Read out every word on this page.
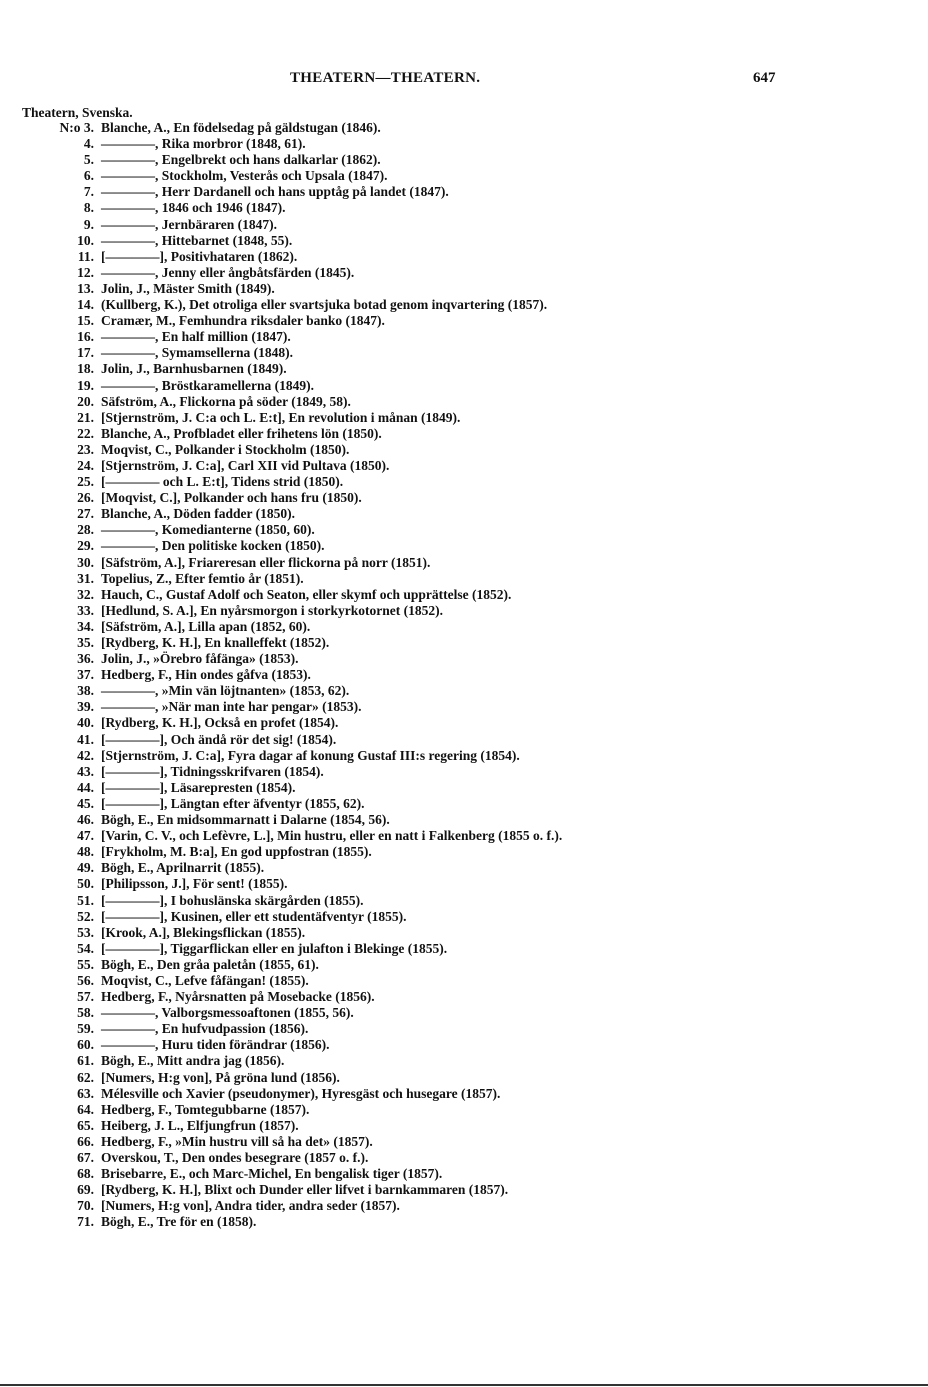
THEATERN—THEATERN.	647
Theatern, Svenska.
N:o 3. Blanche, A., En födelsedag på gäldstugan (1846).
4. ————, Rika morbror (1848, 61).
5. ————, Engelbrekt och hans dalkarlar (1862).
6. ————, Stockholm, Vesterås och Upsala (1847).
7. ————, Herr Dardanell och hans upptåg på landet (1847).
8. ————, 1846 och 1946 (1847).
9. ————, Jernbäraren (1847).
10. ————, Hittebarnet (1848, 55).
11. [————], Positivhataren (1862).
12. ————, Jenny eller ångbåtsfärden (1845).
13. Jolin, J., Mäster Smith (1849).
14. (Kullberg, K.), Det otroliga eller svartsjuka botad genom inqvartering (1857).
15. Cramær, M., Femhundra riksdaler banko (1847).
16. ————, En half million (1847).
17. ————, Symamsellerna (1848).
18. Jolin, J., Barnhusbarnen (1849).
19. ————, Bröstkaramellerna (1849).
20. Säfström, A., Flickorna på söder (1849, 58).
21. [Stjernström, J. C:a och L. E:t], En revolution i månan (1849).
22. Blanche, A., Profbladet eller frihetens lön (1850).
23. Moqvist, C., Polkander i Stockholm (1850).
24. [Stjernström, J. C:a], Carl XII vid Pultava (1850).
25. [———— och L. E:t], Tidens strid (1850).
26. [Moqvist, C.], Polkander och hans fru (1850).
27. Blanche, A., Döden fadder (1850).
28. ————, Komedianterne (1850, 60).
29. ————, Den politiske kocken (1850).
30. [Säfström, A.], Friareresan eller flickorna på norr (1851).
31. Topelius, Z., Efter femtio år (1851).
32. Hauch, C., Gustaf Adolf och Seaton, eller skymf och upprättelse (1852).
33. [Hedlund, S. A.], En nyårsmorgon i storkyrkotornet (1852).
34. [Säfström, A.], Lilla apan (1852, 60).
35. [Rydberg, K. H.], En knalleffekt (1852).
36. Jolin, J., »Örebro fåfänga» (1853).
37. Hedberg, F., Hin ondes gåfva (1853).
38. ————, »Min vän löjtnanten» (1853, 62).
39. ————, »När man inte har pengar» (1853).
40. [Rydberg, K. H.], Också en profet (1854).
41. [————], Och ändå rör det sig! (1854).
42. [Stjernström, J. C:a], Fyra dagar af konung Gustaf III:s regering (1854).
43. [————], Tidningsskrifvaren (1854).
44. [————], Läsarepresten (1854).
45. [————], Längtan efter äfventyr (1855, 62).
46. Bögh, E., En midsommarnatt i Dalarne (1854, 56).
47. [Varin, C. V., och Lefèvre, L.], Min hustru, eller en natt i Falkenberg (1855 o. f.).
48. [Frykholm, M. B:a], En god uppfostran (1855).
49. Bögh, E., Aprilnarrit (1855).
50. [Philipsson, J.], För sent! (1855).
51. [————], I bohuslänska skärgården (1855).
52. [————], Kusinen, eller ett studentäfventyr (1855).
53. [Krook, A.], Blekingsflickan (1855).
54. [————], Tiggarflickan eller en julafton i Blekinge (1855).
55. Bögh, E., Den gråa paletån (1855, 61).
56. Moqvist, C., Lefve fåfängan! (1855).
57. Hedberg, F., Nyårsnatten på Mosebacke (1856).
58. ————, Valborgsmessoaftonen (1855, 56).
59. ————, En hufvudpassion (1856).
60. ————, Huru tiden förändrar (1856).
61. Bögh, E., Mitt andra jag (1856).
62. [Numers, H:g von], På gröna lund (1856).
63. Mélesville och Xavier (pseudonymer), Hyresgäst och husegare (1857).
64. Hedberg, F., Tomtegubbarne (1857).
65. Heiberg, J. L., Elfjungfrun (1857).
66. Hedberg, F., »Min hustru vill så ha det» (1857).
67. Overskou, T., Den ondes besegrare (1857 o. f.).
68. Brisebarre, E., och Marc-Michel, En bengalisk tiger (1857).
69. [Rydberg, K. H.], Blixt och Dunder eller lifvet i barnkammaren (1857).
70. [Numers, H:g von], Andra tider, andra seder (1857).
71. Bögh, E., Tre för en (1858).
